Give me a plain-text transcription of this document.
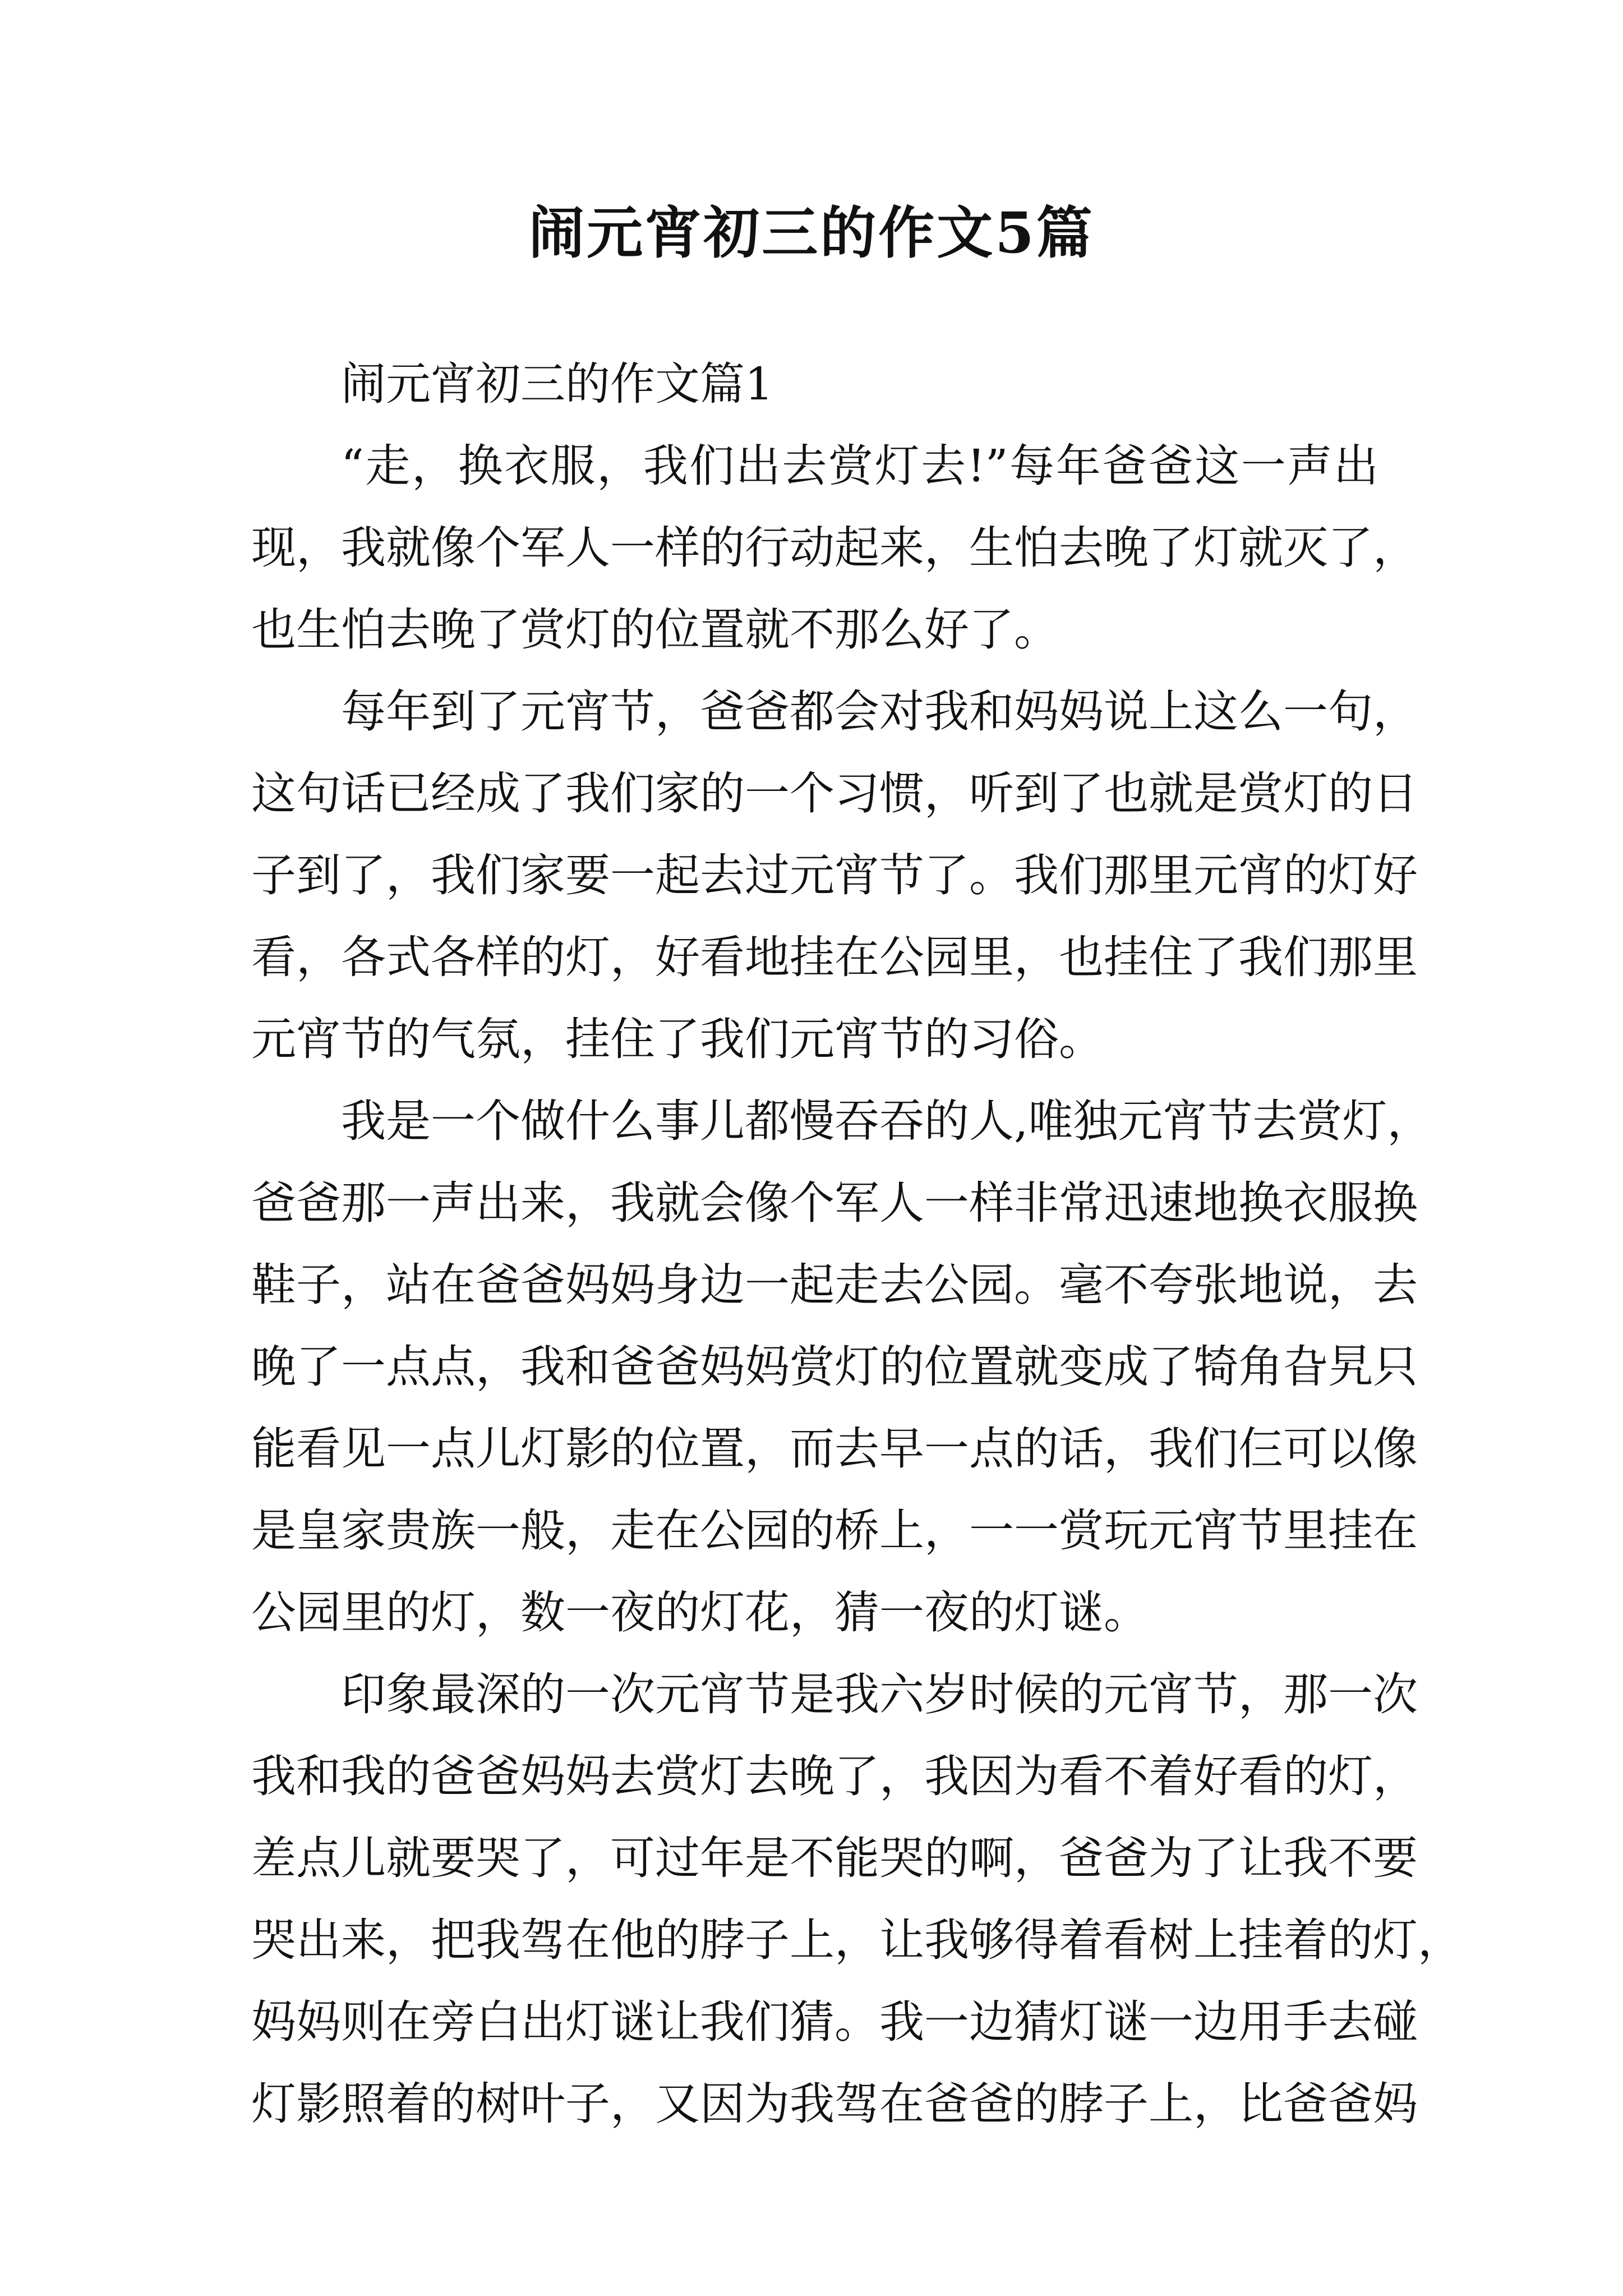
闹元宵初三的作文5篇
闹元宵初三的作文篇1
“走，换衣服，我们出去赏灯去!”每年爸爸这一声出
现，我就像个军人一样的行动起来，生怕去晚了灯就灭了，
也生怕去晚了赏灯的位置就不那么好了。
每年到了元宵节，爸爸都会对我和妈妈说上这么一句，
这句话已经成了我们家的一个习惯，听到了也就是赏灯的日
子到了，我们家要一起去过元宵节了。我们那里元宵的灯好
看，各式各样的灯，好看地挂在公园里，也挂住了我们那里
元宵节的气氛，挂住了我们元宵节的习俗。
我是一个做什么事儿都慢吞吞的人,唯独元宵节去赏灯，
爸爸那一声出来，我就会像个军人一样非常迅速地换衣服换
鞋子，站在爸爸妈妈身边一起走去公园。毫不夸张地说，去
晚了一点点，我和爸爸妈妈赏灯的位置就变成了犄角旮旯只
能看见一点儿灯影的位置，而去早一点的话，我们仨可以像
是皇家贵族一般，走在公园的桥上，一一赏玩元宵节里挂在
公园里的灯，数一夜的灯花，猜一夜的灯谜。
印象最深的一次元宵节是我六岁时候的元宵节，那一次
我和我的爸爸妈妈去赏灯去晚了，我因为看不着好看的灯，
差点儿就要哭了，可过年是不能哭的啊，爸爸为了让我不要
哭出来，把我驾在他的脖子上，让我够得着看树上挂着的灯，
妈妈则在旁白出灯谜让我们猜。我一边猜灯谜一边用手去碰
灯影照着的树叶子，又因为我驾在爸爸的脖子上，比爸爸妈
